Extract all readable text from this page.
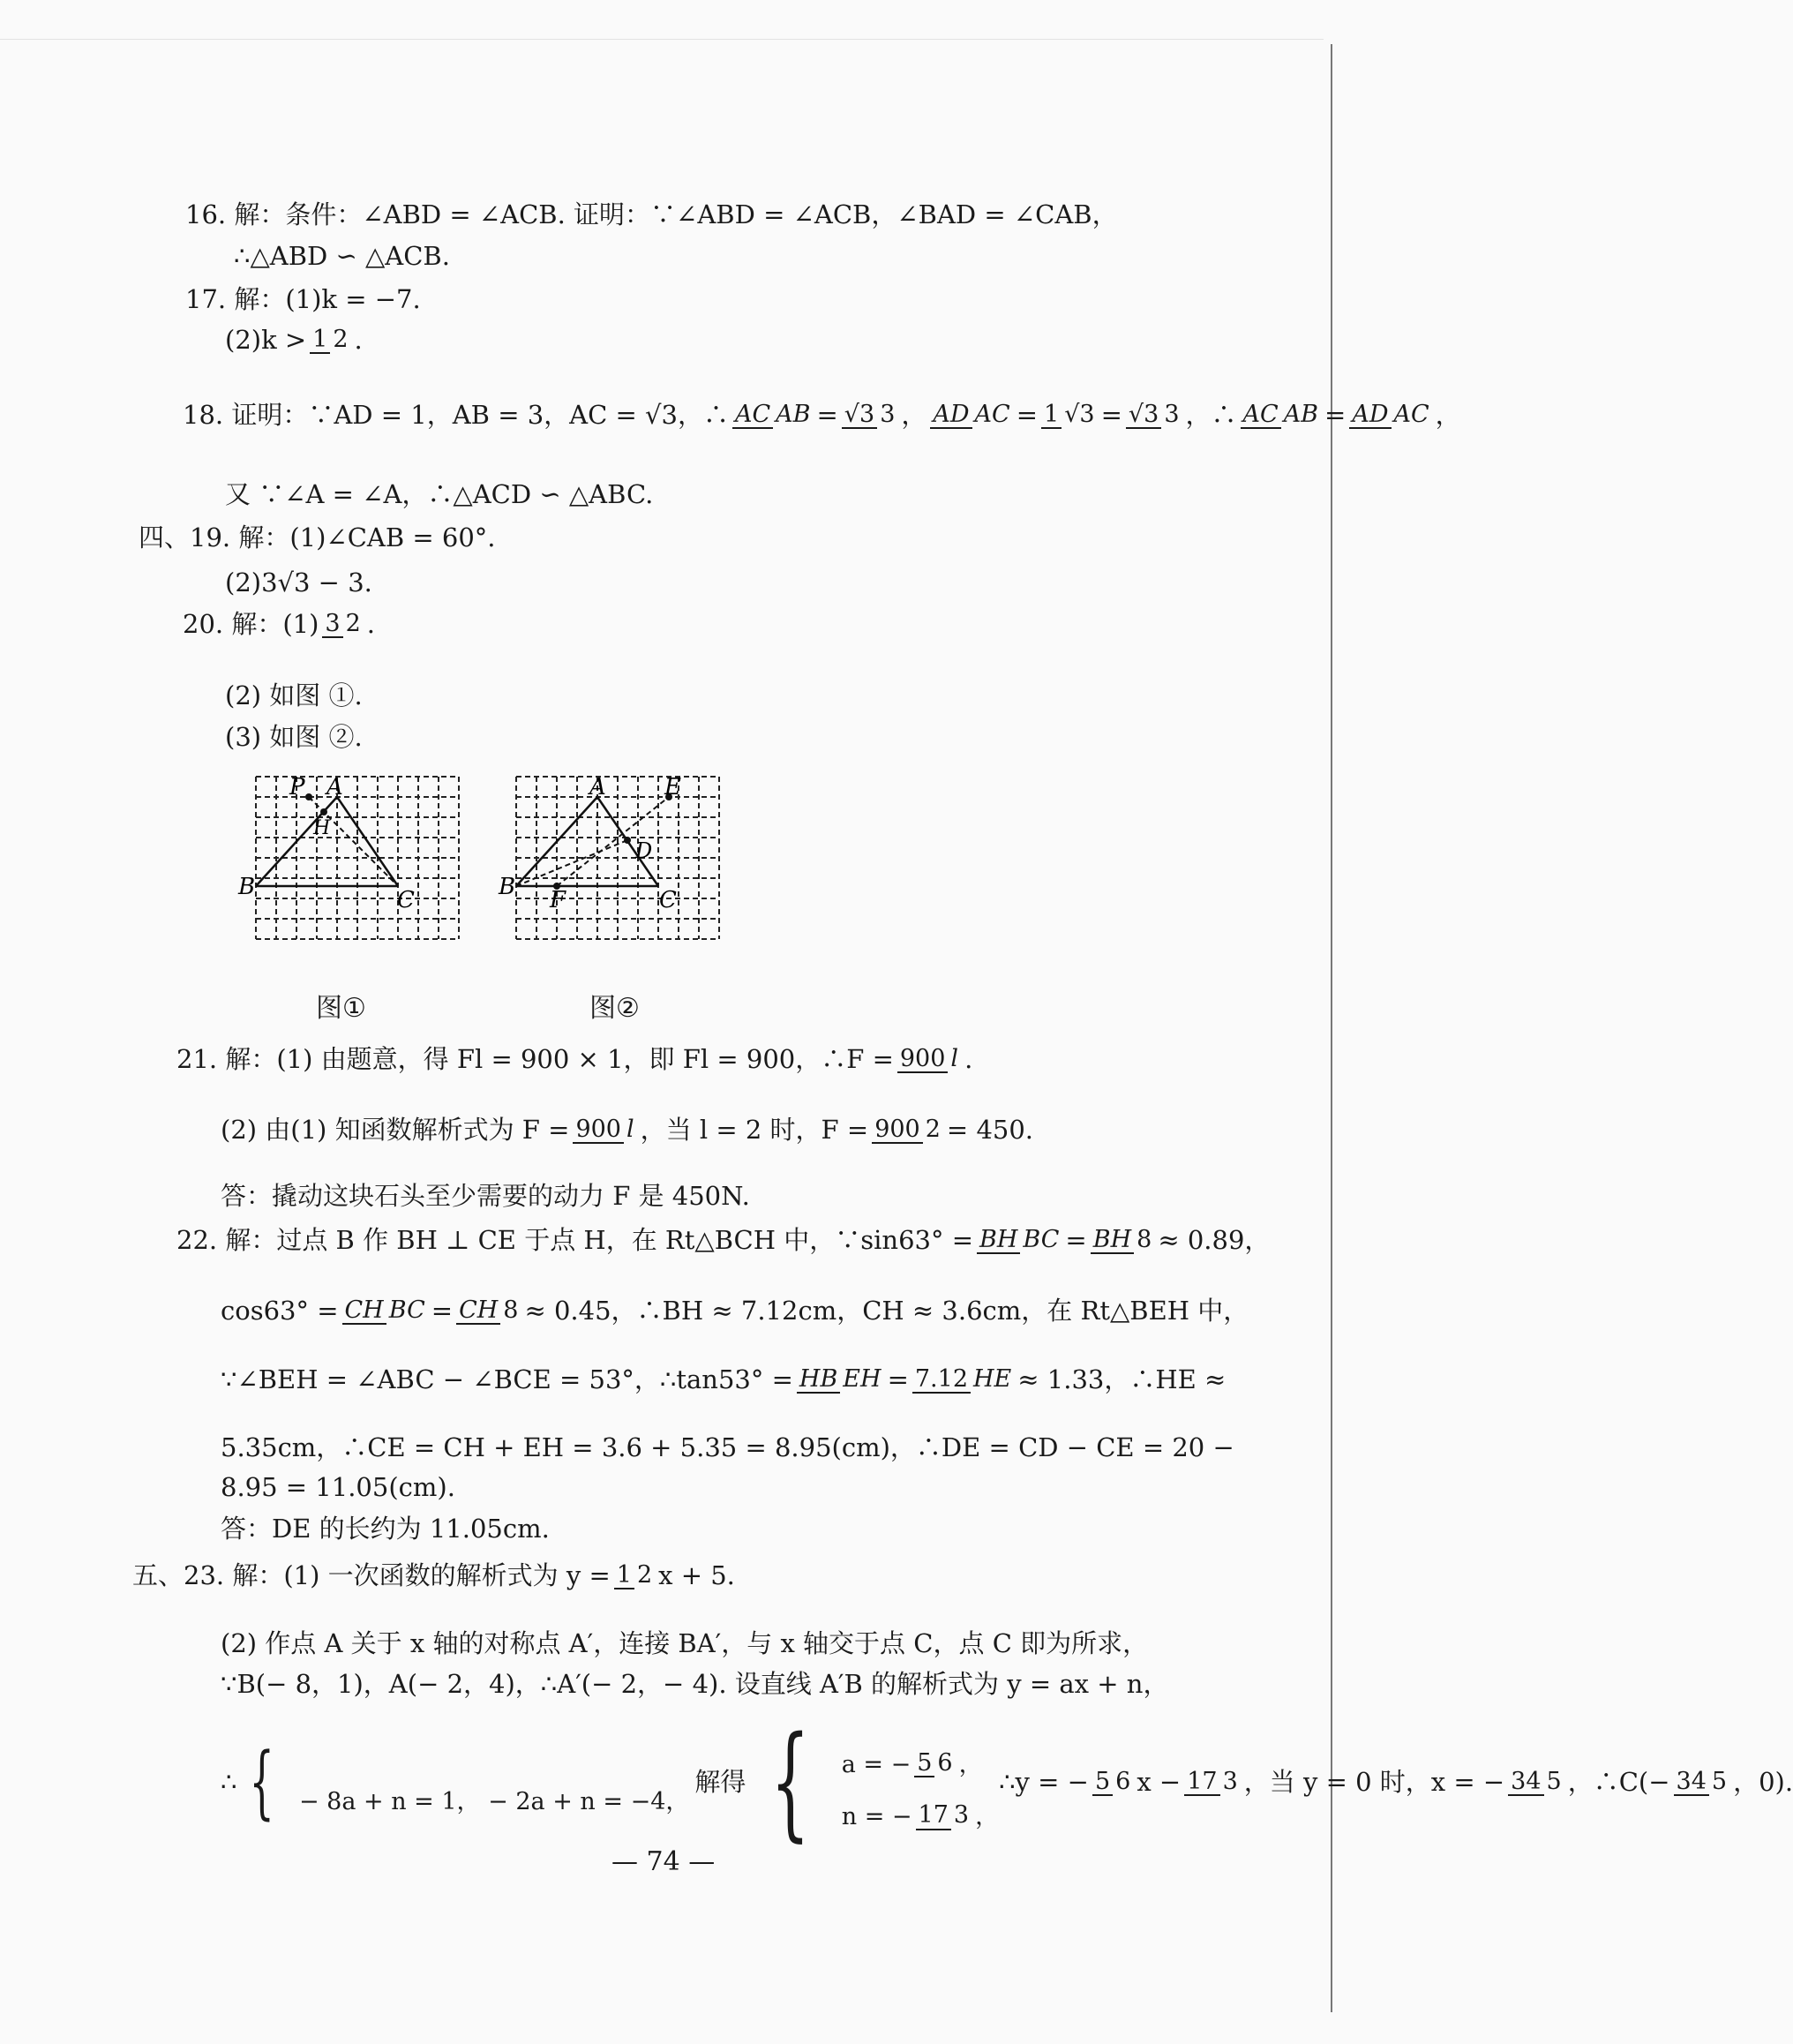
16. 解：条件：∠ABD = ∠ACB. 证明：∵∠ABD = ∠ACB，∠BAD = ∠CAB，
∴△ABD ∽ △ACB.
17. 解：(1)k = −7.
(2)k > 1 2 .
18. 证明：∵AD = 1，AB = 3，AC = √3，∴ AC AB = √3 3 ， AD AC = 1 √3 = √3 3 ，∴ AC AB = AD AC ，
又 ∵∠A = ∠A，∴△ACD ∽ △ABC.
四、19. 解：(1)∠CAB = 60°.
(2)3√3 − 3.
20. 解：(1) 3 2 .
(2) 如图 ①.
(3) 如图 ②.
P A
H
B	C
图①
A	E
D
B F	C
图②
21. 解：(1) 由题意，得 Fl = 900 × 1，即 Fl = 900，∴F = 900 l .
(2) 由(1) 知函数解析式为 F = 900 l ，当 l = 2 时，F = 900 2 = 450.
答：撬动这块石头至少需要的动力 F 是 450N.
22. 解：过点 B 作 BH ⊥ CE 于点 H，在 Rt△BCH 中，∵sin63° = BH BC = BH 8 ≈ 0.89，
cos63° = CH BC = CH 8 ≈ 0.45，∴BH ≈ 7.12cm，CH ≈ 3.6cm，在 Rt△BEH 中，
∵∠BEH = ∠ABC − ∠BCE = 53°，∴tan53° = HB EH = 7.12 HE ≈ 1.33，∴HE ≈
5.35cm，∴CE = CH + EH = 3.6 + 5.35 = 8.95(cm)，∴DE = CD − CE = 20 −
8.95 = 11.05(cm).
答：DE 的长约为 11.05cm.
五、23. 解：(1) 一次函数的解析式为 y = 1 2 x + 5.
(2) 作点 A 关于 x 轴的对称点 A′，连接 BA′，与 x 轴交于点 C，点 C 即为所求，
∵B(− 8，1)，A(− 2，4)，∴A′(− 2，− 4). 设直线 A′B 的解析式为 y = ax + n，
∴ { − 8a + n = 1， − 2a + n = −4，
解得 { a = − 5 6 ，
n = − 17 3 ，
∴y = − 5 6 x − 17 3 ，当 y = 0 时，x = − 34 5 ，∴C(− 34 5 ，0).
— 74 —
